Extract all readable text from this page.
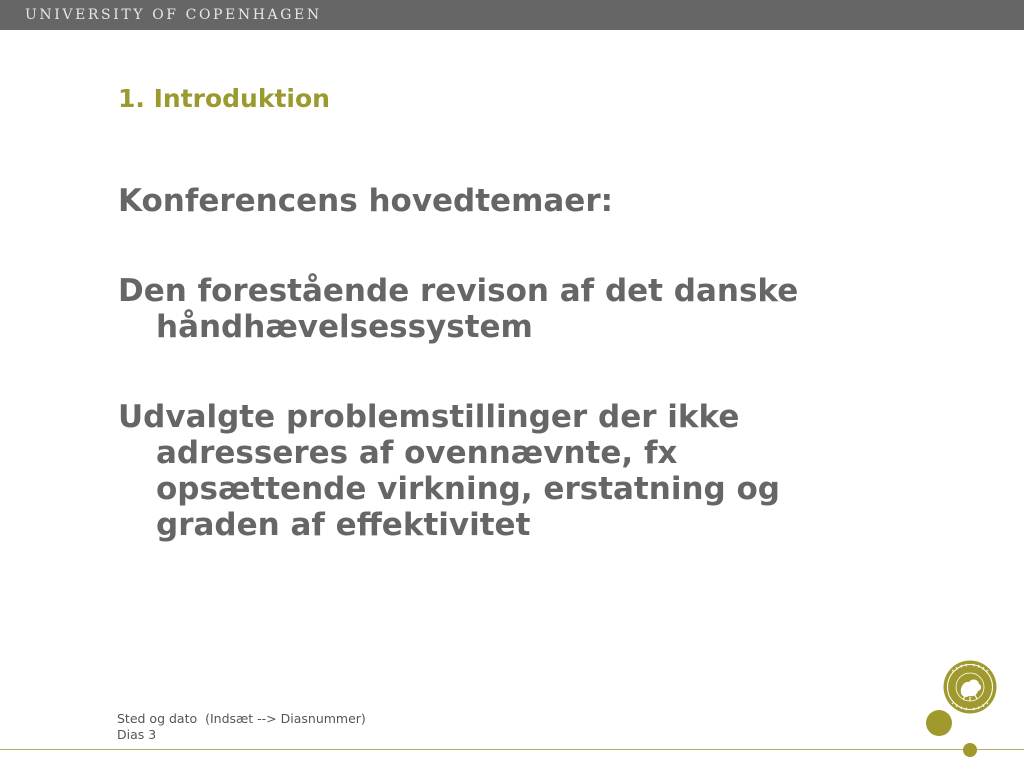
UNIVERSITY OF COPENHAGEN
1. Introduktion
Konferencens hovedtemaer:
Den forestående revison af det danske håndhævelsessystem
Udvalgte problemstillinger der ikke adresseres af ovennævnte, fx opsættende virkning, erstatning og graden af effektivitet
Sted og dato  (Indsæt --> Diasnummer)
Dias 3
